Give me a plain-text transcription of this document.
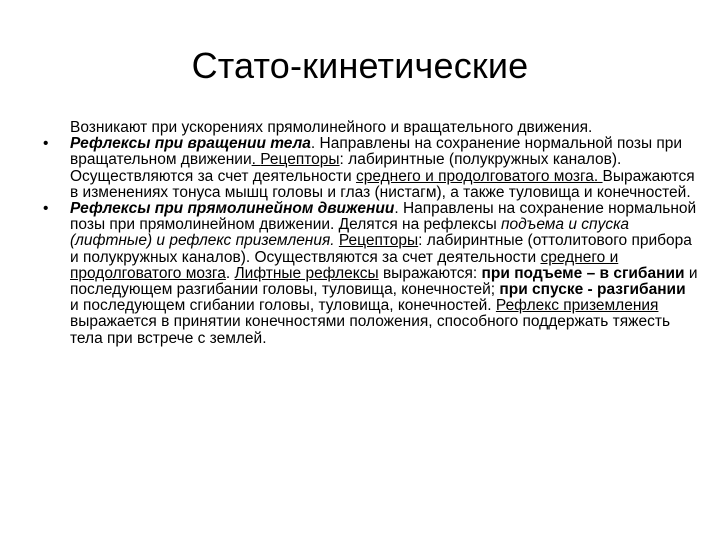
Стато-кинетические

Возникают при ускорениях прямолинейного и вращательного движения.

• Рефлексы при вращении тела. Направлены на сохранение нормальной позы при вращательном движении. Рецепторы: лабиринтные (полукружных каналов). Осуществляются за счет деятельности среднего и продолговатого мозга. Выражаются в изменениях тонуса мышц головы и глаз (нистагм), а также туловища и конечностей.

• Рефлексы при прямолинейном движении. Направлены на сохранение нормальной позы при прямолинейном движении. Делятся на рефлексы подъема и спуска (лифтные) и рефлекс приземления. Рецепторы: лабиринтные (оттолитового прибора и полукружных каналов). Осуществляются за счет деятельности среднего и продолговатого мозга. Лифтные рефлексы выражаются: при подъеме – в сгибании и последующем разгибании головы, туловища, конечностей; при спуске - разгибании и последующем сгибании головы, туловища, конечностей. Рефлекс приземления выражается в принятии конечностями положения, способного поддержать тяжесть тела при встрече с землей.
